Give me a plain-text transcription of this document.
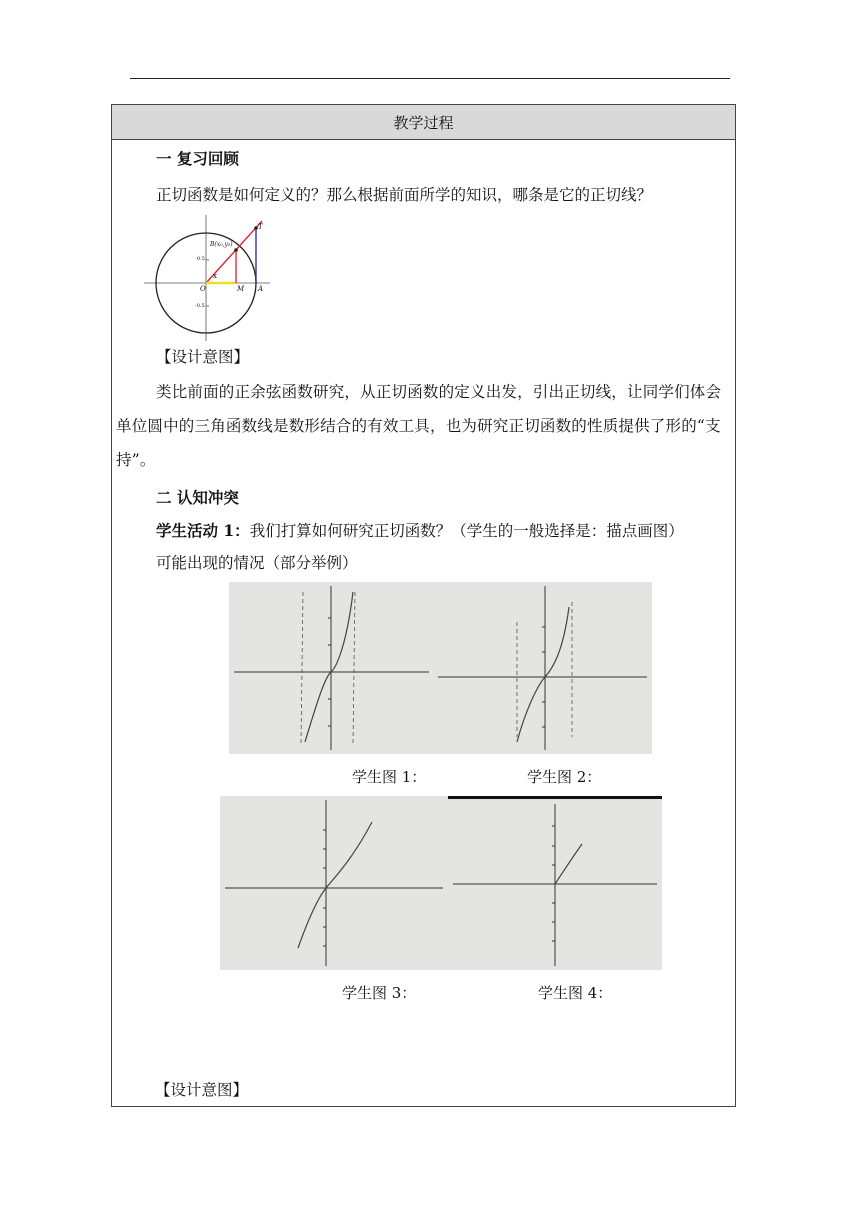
教学过程
一 复习回顾
正切函数是如何定义的？那么根据前面所学的知识，哪条是它的正切线？
B(x₀,y₀)
T
O	M A
x
0.5
-0.5
【设计意图】
类比前面的正余弦函数研究，从正切函数的定义出发，引出正切线，让同学们体会单位圆中的三角函数线是数形结合的有效工具，也为研究正切函数的性质提供了形的“支持”。
二 认知冲突
学生活动 1：我们打算如何研究正切函数？（学生的一般选择是：描点画图）
可能出现的情况（部分举例）
学生图 1：	学生图 2：
学生图 3：	学生图 4：
【设计意图】
